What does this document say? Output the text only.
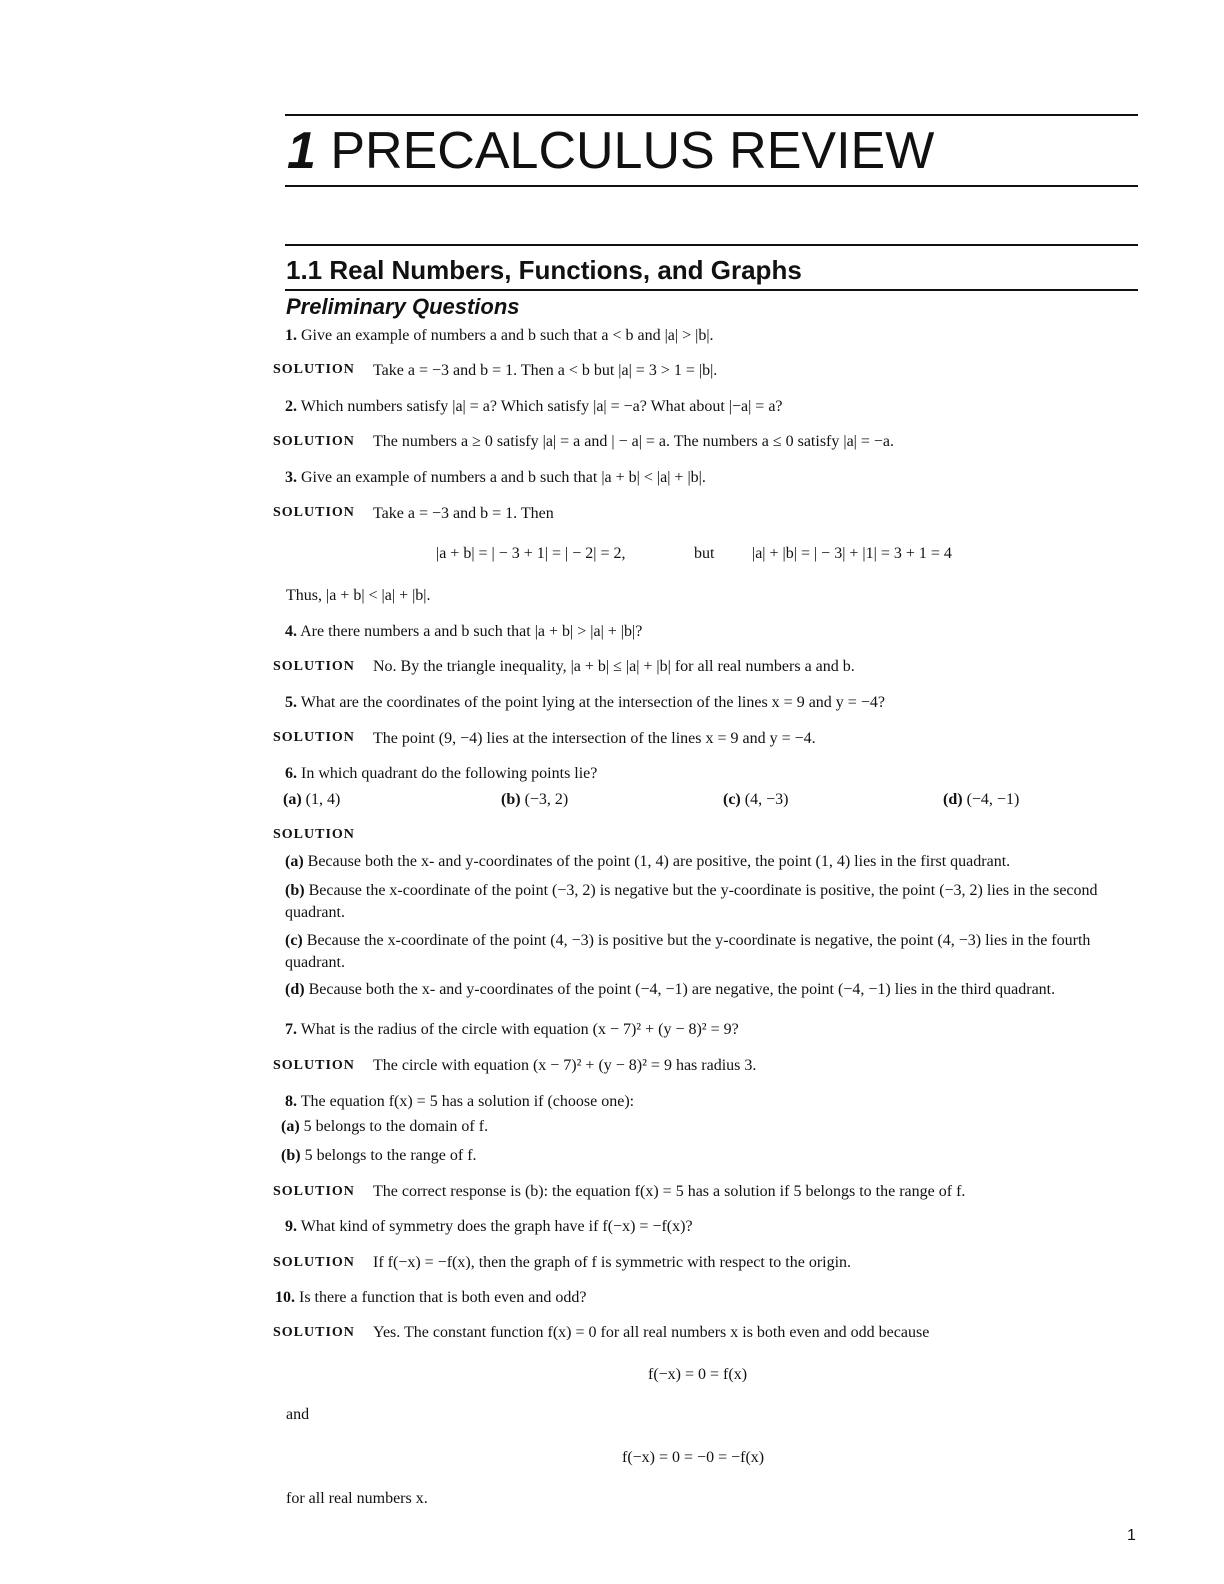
1 PRECALCULUS REVIEW
1.1 Real Numbers, Functions, and Graphs
Preliminary Questions
1. Give an example of numbers a and b such that a < b and |a| > |b|.
SOLUTION Take a = −3 and b = 1. Then a < b but |a| = 3 > 1 = |b|.
2. Which numbers satisfy |a| = a? Which satisfy |a| = −a? What about |−a| = a?
SOLUTION The numbers a ≥ 0 satisfy |a| = a and | − a| = a. The numbers a ≤ 0 satisfy |a| = −a.
3. Give an example of numbers a and b such that |a + b| < |a| + |b|.
SOLUTION Take a = −3 and b = 1. Then
|a + b| = | − 3 + 1| = | − 2| = 2,	but |a| + |b| = | − 3| + |1| = 3 + 1 = 4
Thus, |a + b| < |a| + |b|.
4. Are there numbers a and b such that |a + b| > |a| + |b|?
SOLUTION No. By the triangle inequality, |a + b| ≤ |a| + |b| for all real numbers a and b.
5. What are the coordinates of the point lying at the intersection of the lines x = 9 and y = −4?
SOLUTION The point (9, −4) lies at the intersection of the lines x = 9 and y = −4.
6. In which quadrant do the following points lie?
(a) (1, 4)	(b) (−3, 2)	(c) (4, −3)	(d) (−4, −1)
SOLUTION
(a) Because both the x- and y-coordinates of the point (1, 4) are positive, the point (1, 4) lies in the first quadrant.
(b) Because the x-coordinate of the point (−3, 2) is negative but the y-coordinate is positive, the point (−3, 2) lies in the second quadrant.
(c) Because the x-coordinate of the point (4, −3) is positive but the y-coordinate is negative, the point (4, −3) lies in the fourth quadrant.
(d) Because both the x- and y-coordinates of the point (−4, −1) are negative, the point (−4, −1) lies in the third quadrant.
7. What is the radius of the circle with equation (x − 7)² + (y − 8)² = 9?
SOLUTION The circle with equation (x − 7)² + (y − 8)² = 9 has radius 3.
8. The equation f(x) = 5 has a solution if (choose one):
(a) 5 belongs to the domain of f.
(b) 5 belongs to the range of f.
SOLUTION The correct response is (b): the equation f(x) = 5 has a solution if 5 belongs to the range of f.
9. What kind of symmetry does the graph have if f(−x) = −f(x)?
SOLUTION If f(−x) = −f(x), then the graph of f is symmetric with respect to the origin.
10. Is there a function that is both even and odd?
SOLUTION Yes. The constant function f(x) = 0 for all real numbers x is both even and odd because
f(−x) = 0 = f(x)
and
f(−x) = 0 = −0 = −f(x)
for all real numbers x.
1
